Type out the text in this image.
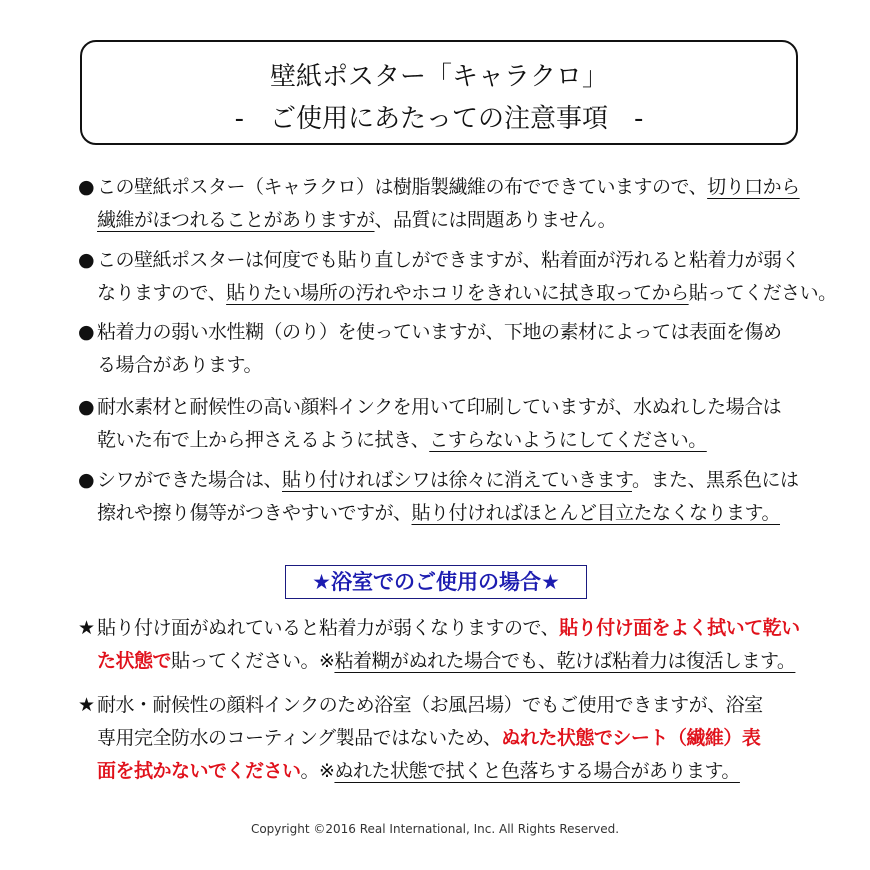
壁紙ポスター「キャラクロ」
-　ご使用にあたっての注意事項　-
● この壁紙ポスター（キャラクロ）は樹脂製繊維の布でできていますので、切り口から
繊維がほつれることがありますが、品質には問題ありません。
● この壁紙ポスターは何度でも貼り直しができますが、粘着面が汚れると粘着力が弱く
なりますので、貼りたい場所の汚れやホコリをきれいに拭き取ってから貼ってください。
● 粘着力の弱い水性糊（のり）を使っていますが、下地の素材によっては表面を傷め
る場合があります。
● 耐水素材と耐候性の高い顔料インクを用いて印刷していますが、水ぬれした場合は
乾いた布で上から押さえるように拭き、こすらないようにしてください。
● シワができた場合は、貼り付ければシワは徐々に消えていきます。また、黒系色には
擦れや擦り傷等がつきやすいですが、貼り付ければほとんど目立たなくなります。
★浴室でのご使用の場合★
★ 貼り付け面がぬれていると粘着力が弱くなりますので、貼り付け面をよく拭いて乾い
た状態で貼ってください。※粘着糊がぬれた場合でも、乾けば粘着力は復活します。
★ 耐水・耐候性の顔料インクのため浴室（お風呂場）でもご使用できますが、浴室
専用完全防水のコーティング製品ではないため、ぬれた状態でシート（繊維）表
面を拭かないでください。※ぬれた状態で拭くと色落ちする場合があります。
Copyright ©2016 Real International, Inc. All Rights Reserved.
